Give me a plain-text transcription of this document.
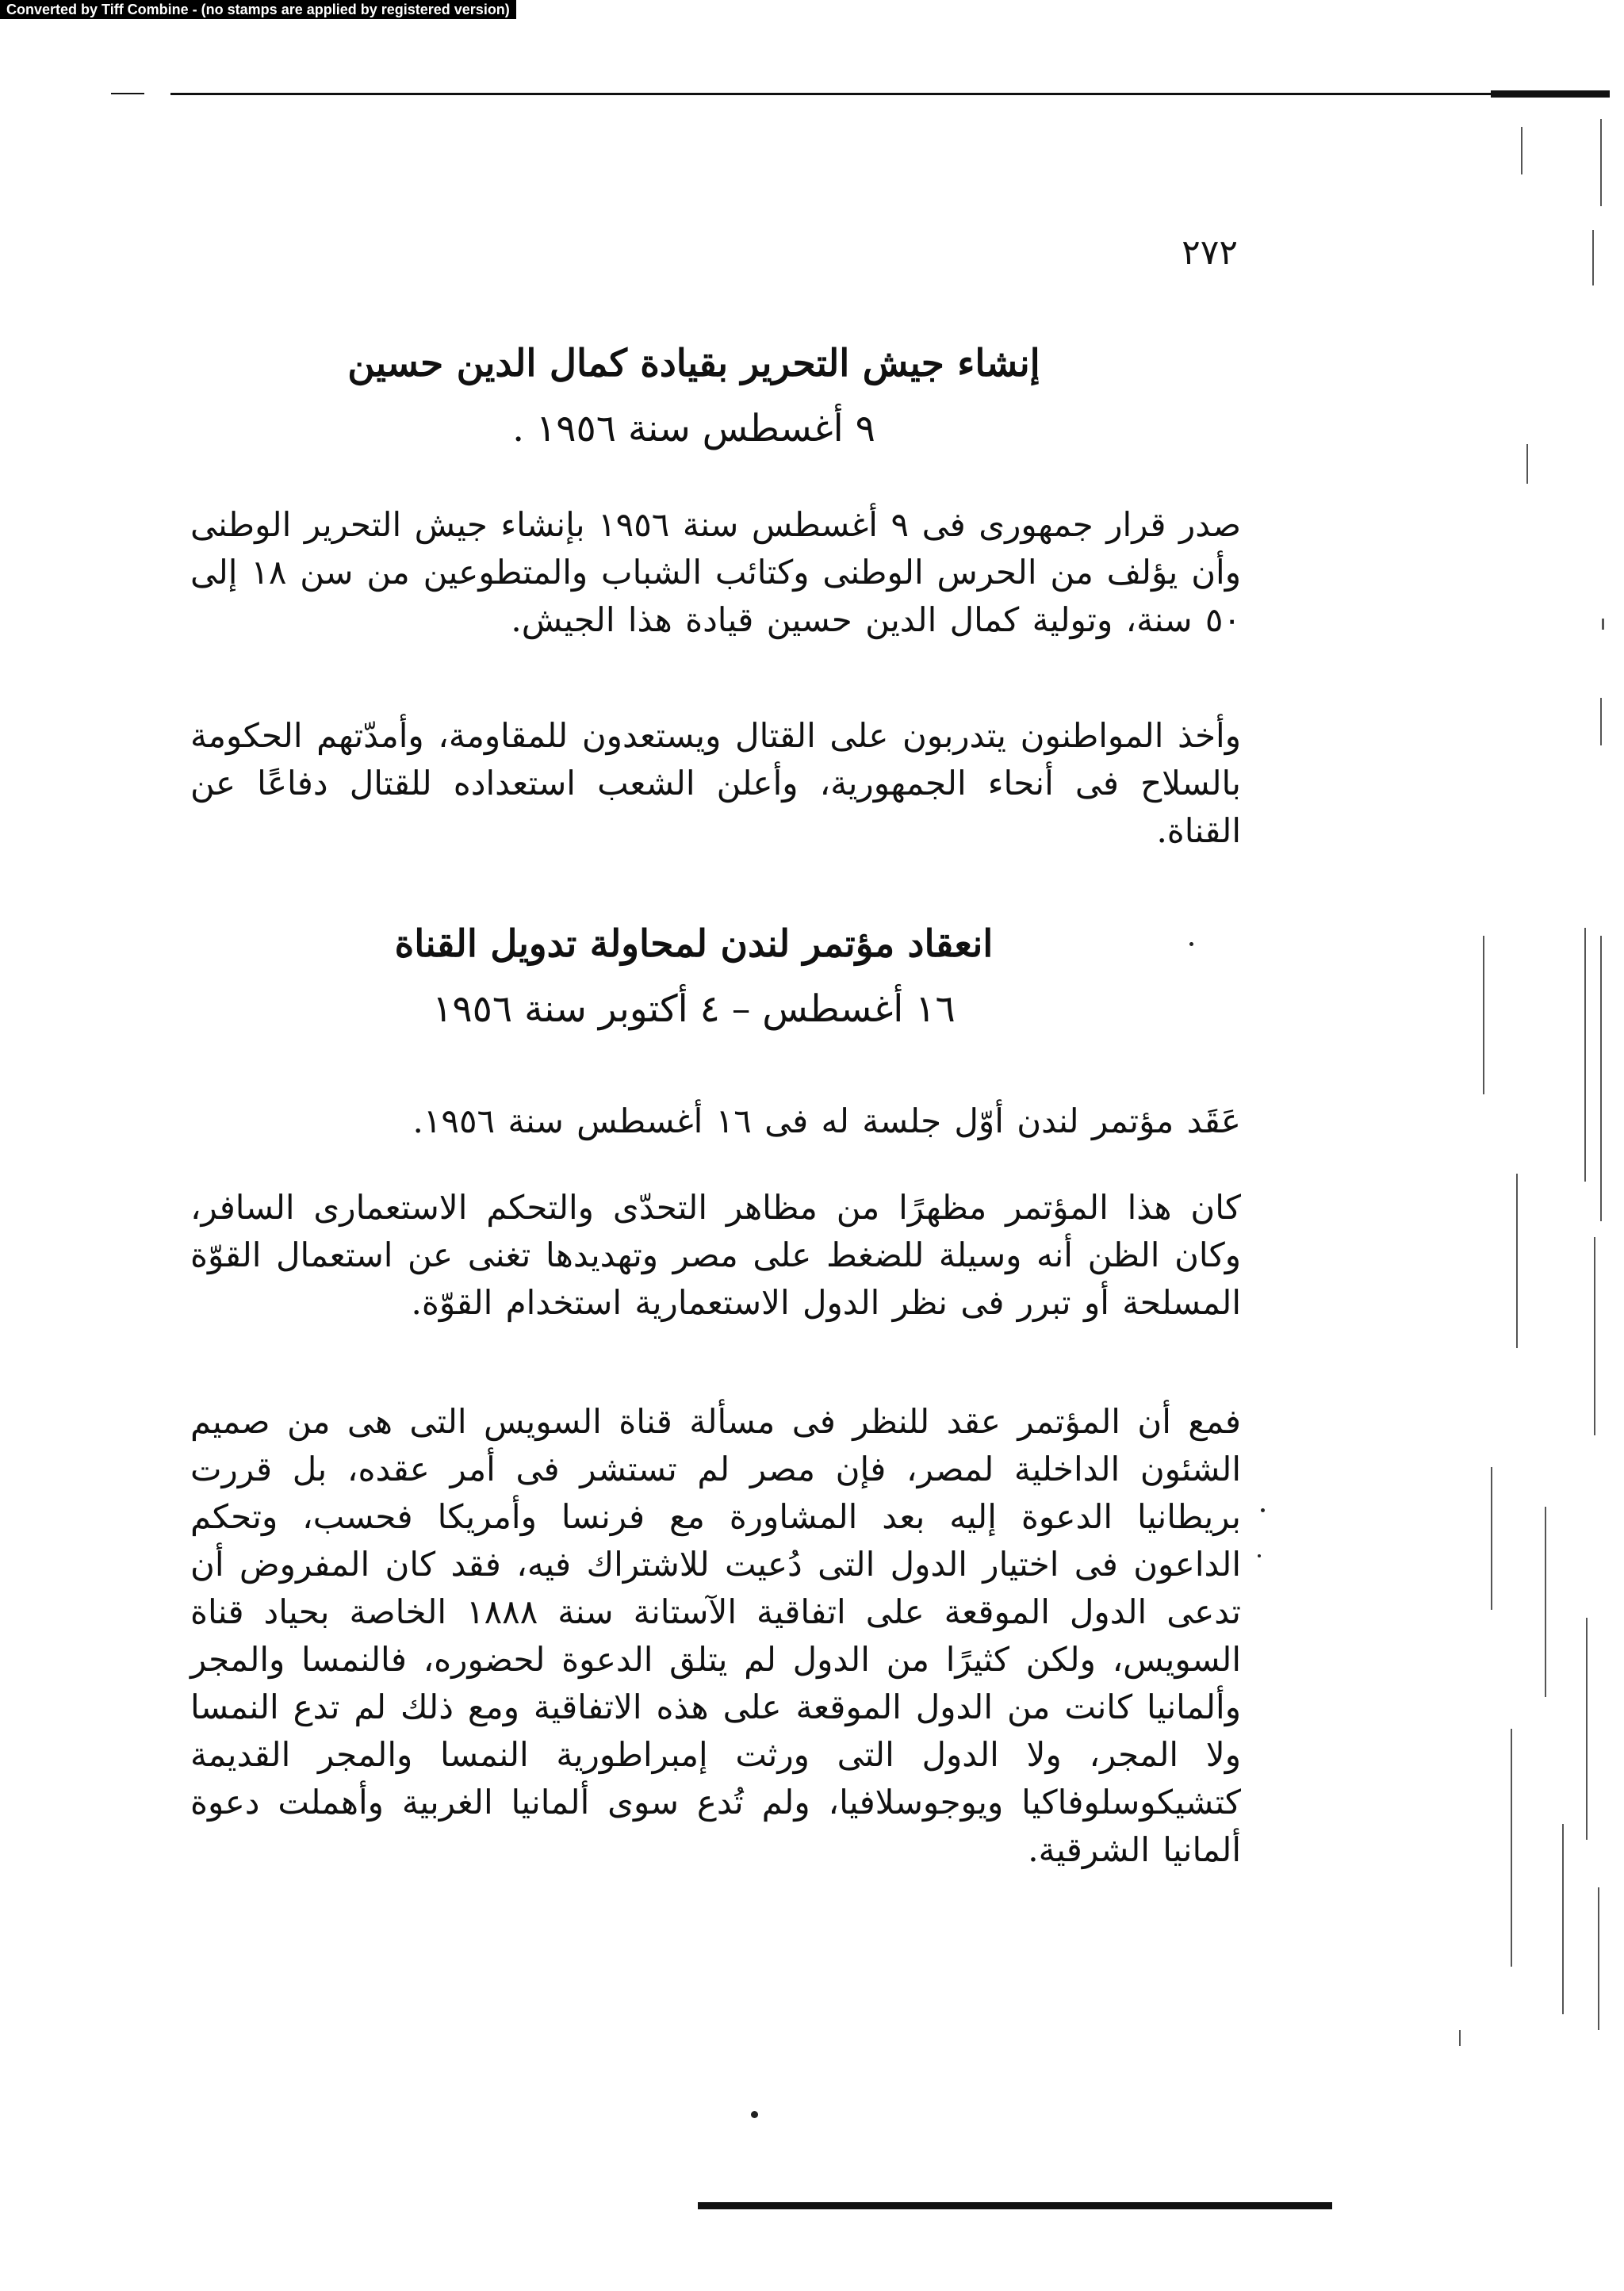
Converted by Tiff Combine - (no stamps are applied by registered version)
٢٧٢
إنشاء جيش التحرير بقيادة كمال الدين حسين
٩ أغسطس سنة ١٩٥٦ .

صدر قرار جمهورى فى ٩ أغسطس سنة ١٩٥٦ بإنشاء جيش التحرير الوطنى وأن يؤلف من الحرس الوطنى وكتائب الشباب والمتطوعين من سن ١٨ إلى ٥٠ سنة، وتولية كمال الدين حسين قيادة هذا الجيش.

وأخذ المواطنون يتدربون على القتال ويستعدون للمقاومة، وأمدّتهم الحكومة بالسلاح فى أنحاء الجمهورية، وأعلن الشعب استعداده للقتال دفاعًا عن القناة.

انعقاد مؤتمر لندن لمحاولة تدويل القناة
١٦ أغسطس – ٤ أكتوبر سنة ١٩٥٦

عَقَد مؤتمر لندن أوّل جلسة له فى ١٦ أغسطس سنة ١٩٥٦.

كان هذا المؤتمر مظهرًا من مظاهر التحدّى والتحكم الاستعمارى السافر، وكان الظن أنه وسيلة للضغط على مصر وتهديدها تغنى عن استعمال القوّة المسلحة أو تبرر فى نظر الدول الاستعمارية استخدام القوّة.

فمع أن المؤتمر عقد للنظر فى مسألة قناة السويس التى هى من صميم الشئون الداخلية لمصر، فإن مصر لم تستشر فى أمر عقده، بل قررت بريطانيا الدعوة إليه بعد المشاورة مع فرنسا وأمريكا فحسب، وتحكم الداعون فى اختيار الدول التى دُعيت للاشتراك فيه، فقد كان المفروض أن تدعى الدول الموقعة على اتفاقية الآستانة سنة ١٨٨٨ الخاصة بحياد قناة السويس، ولكن كثيرًا من الدول لم يتلق الدعوة لحضوره، فالنمسا والمجر وألمانيا كانت من الدول الموقعة على هذه الاتفاقية ومع ذلك لم تدع النمسا ولا المجر، ولا الدول التى ورثت إمبراطورية النمسا والمجر القديمة كتشيكوسلوفاكيا ويوجوسلافيا، ولم تُدع سوى ألمانيا الغربية وأهملت دعوة ألمانيا الشرقية.
